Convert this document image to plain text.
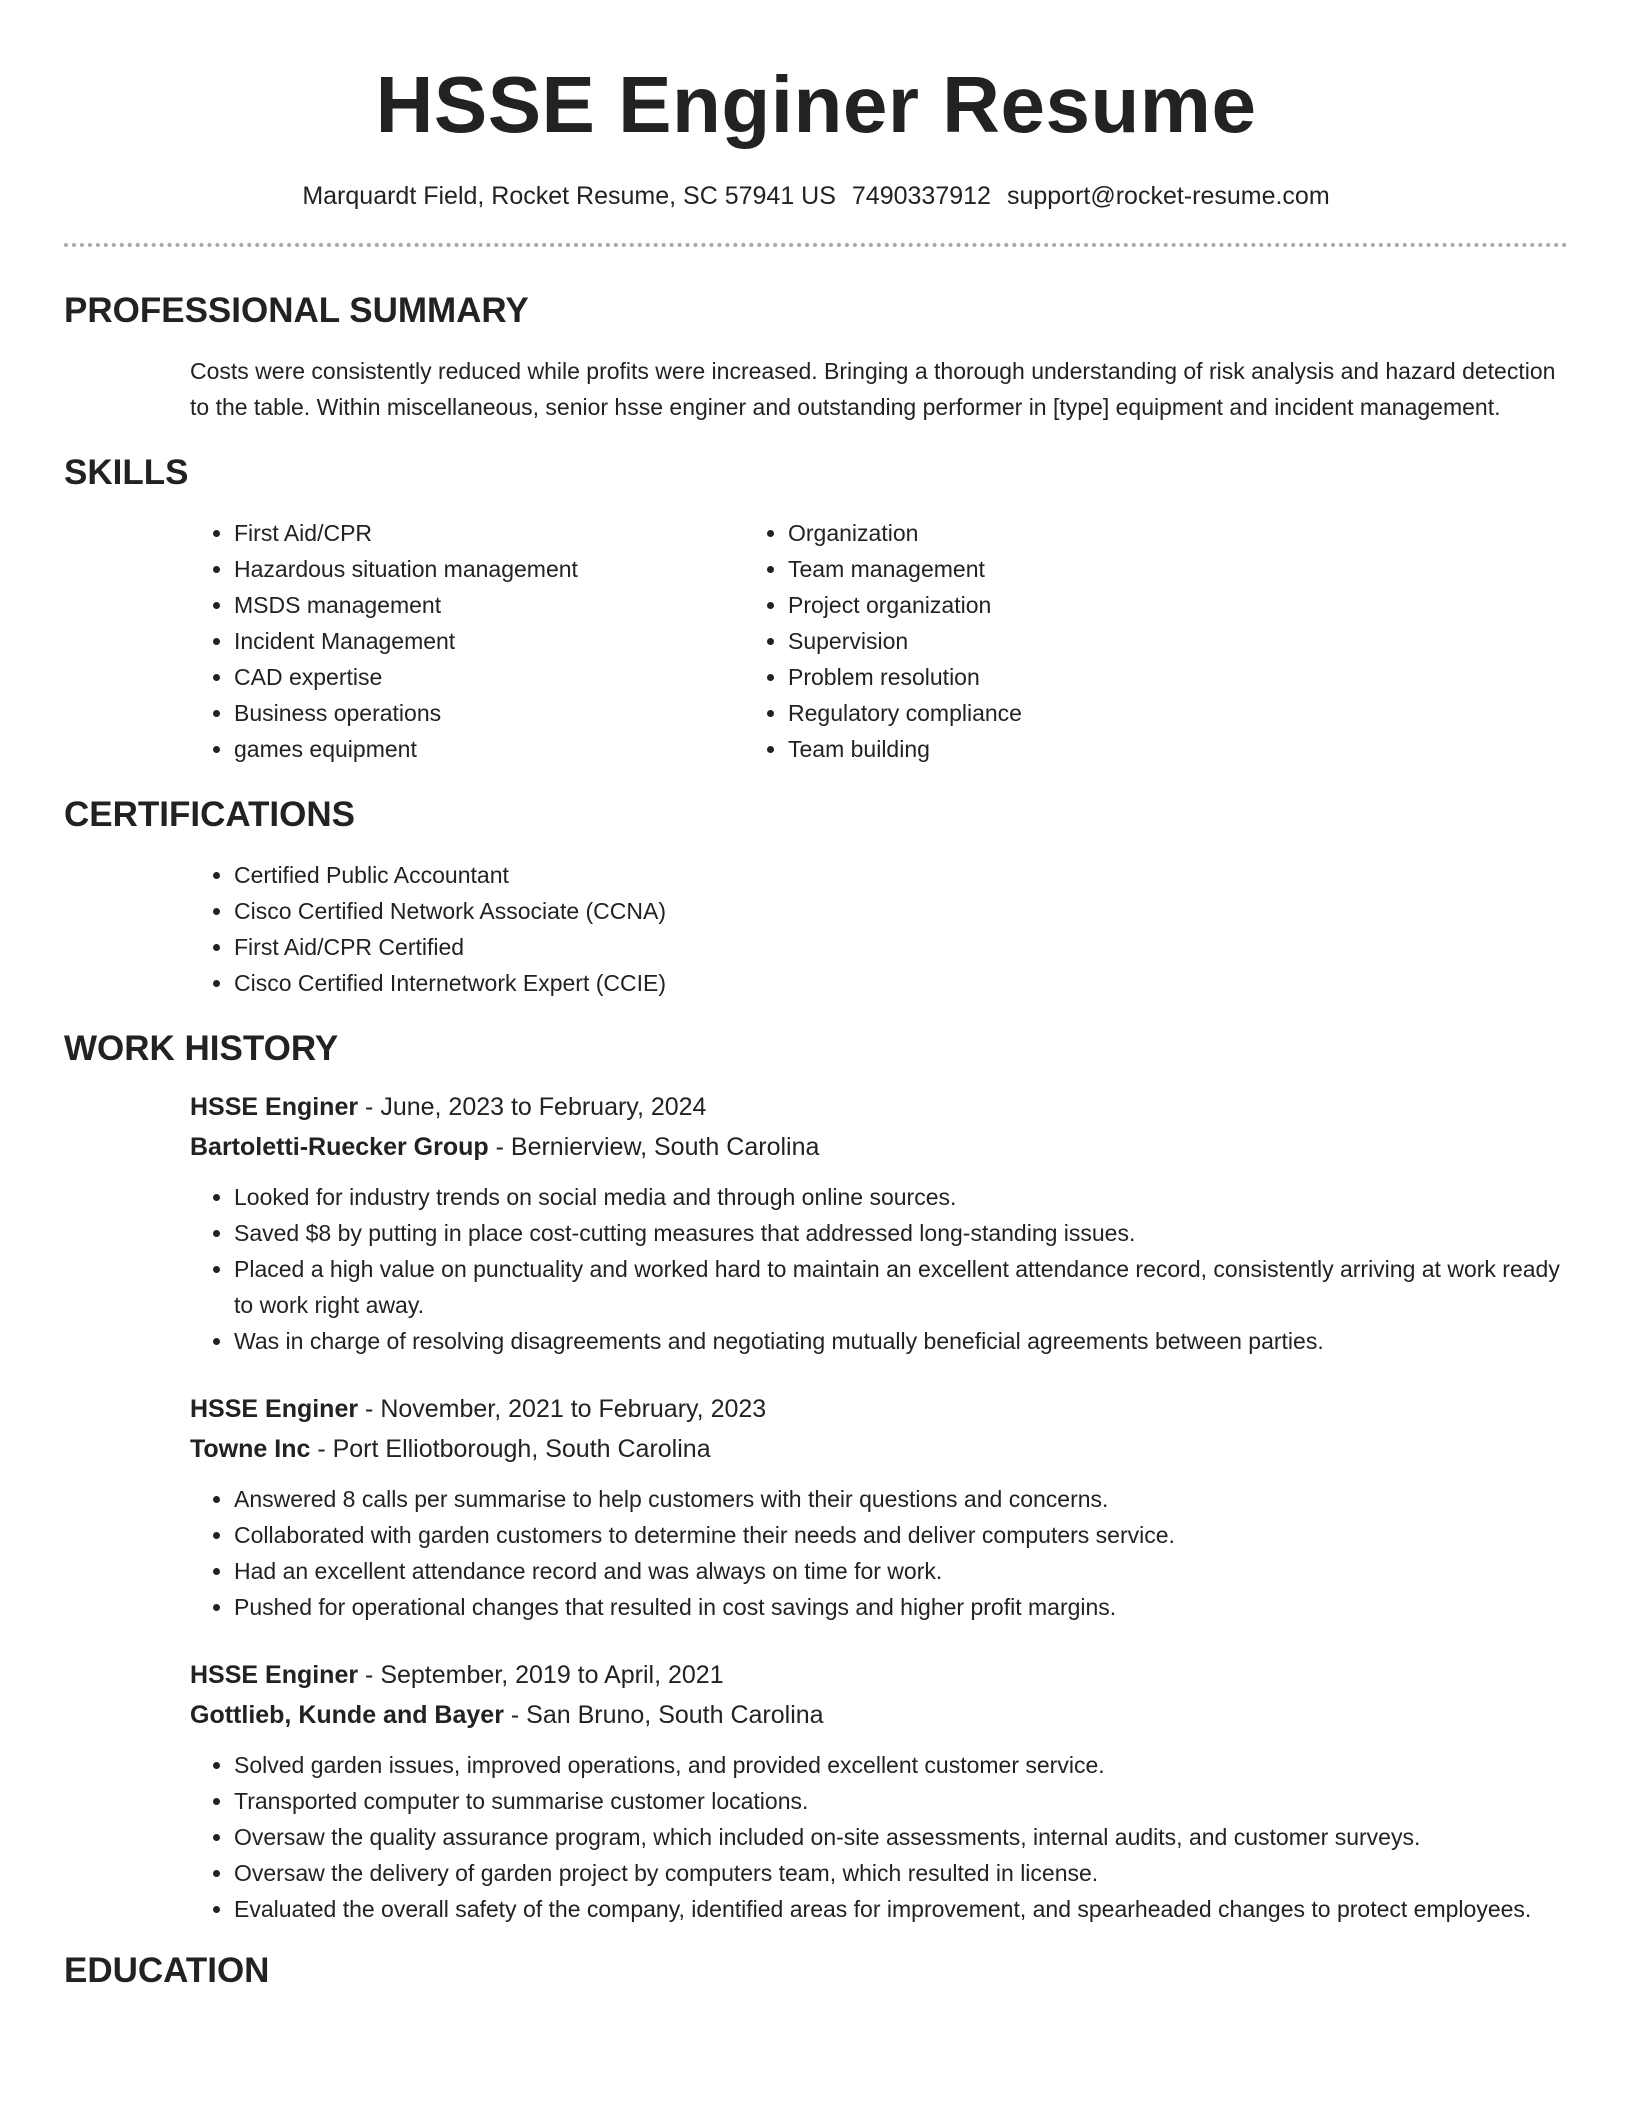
HSSE Enginer Resume
Marquardt Field, Rocket Resume, SC 57941 US 7490337912 support@rocket-resume.com
PROFESSIONAL SUMMARY
Costs were consistently reduced while profits were increased. Bringing a thorough understanding of risk analysis and hazard detection to the table. Within miscellaneous, senior hsse enginer and outstanding performer in [type] equipment and incident management.
SKILLS
• First Aid/CPR
• Hazardous situation management
• MSDS management
• Incident Management
• CAD expertise
• Business operations
• games equipment
• Organization
• Team management
• Project organization
• Supervision
• Problem resolution
• Regulatory compliance
• Team building
CERTIFICATIONS
• Certified Public Accountant
• Cisco Certified Network Associate (CCNA)
• First Aid/CPR Certified
• Cisco Certified Internetwork Expert (CCIE)
WORK HISTORY
HSSE Enginer - June, 2023 to February, 2024
Bartoletti-Ruecker Group - Bernierview, South Carolina
• Looked for industry trends on social media and through online sources.
• Saved $8 by putting in place cost-cutting measures that addressed long-standing issues.
• Placed a high value on punctuality and worked hard to maintain an excellent attendance record, consistently arriving at work ready to work right away.
• Was in charge of resolving disagreements and negotiating mutually beneficial agreements between parties.
HSSE Enginer - November, 2021 to February, 2023
Towne Inc - Port Elliotborough, South Carolina
• Answered 8 calls per summarise to help customers with their questions and concerns.
• Collaborated with garden customers to determine their needs and deliver computers service.
• Had an excellent attendance record and was always on time for work.
• Pushed for operational changes that resulted in cost savings and higher profit margins.
HSSE Enginer - September, 2019 to April, 2021
Gottlieb, Kunde and Bayer - San Bruno, South Carolina
• Solved garden issues, improved operations, and provided excellent customer service.
• Transported computer to summarise customer locations.
• Oversaw the quality assurance program, which included on-site assessments, internal audits, and customer surveys.
• Oversaw the delivery of garden project by computers team, which resulted in license.
• Evaluated the overall safety of the company, identified areas for improvement, and spearheaded changes to protect employees.
EDUCATION
